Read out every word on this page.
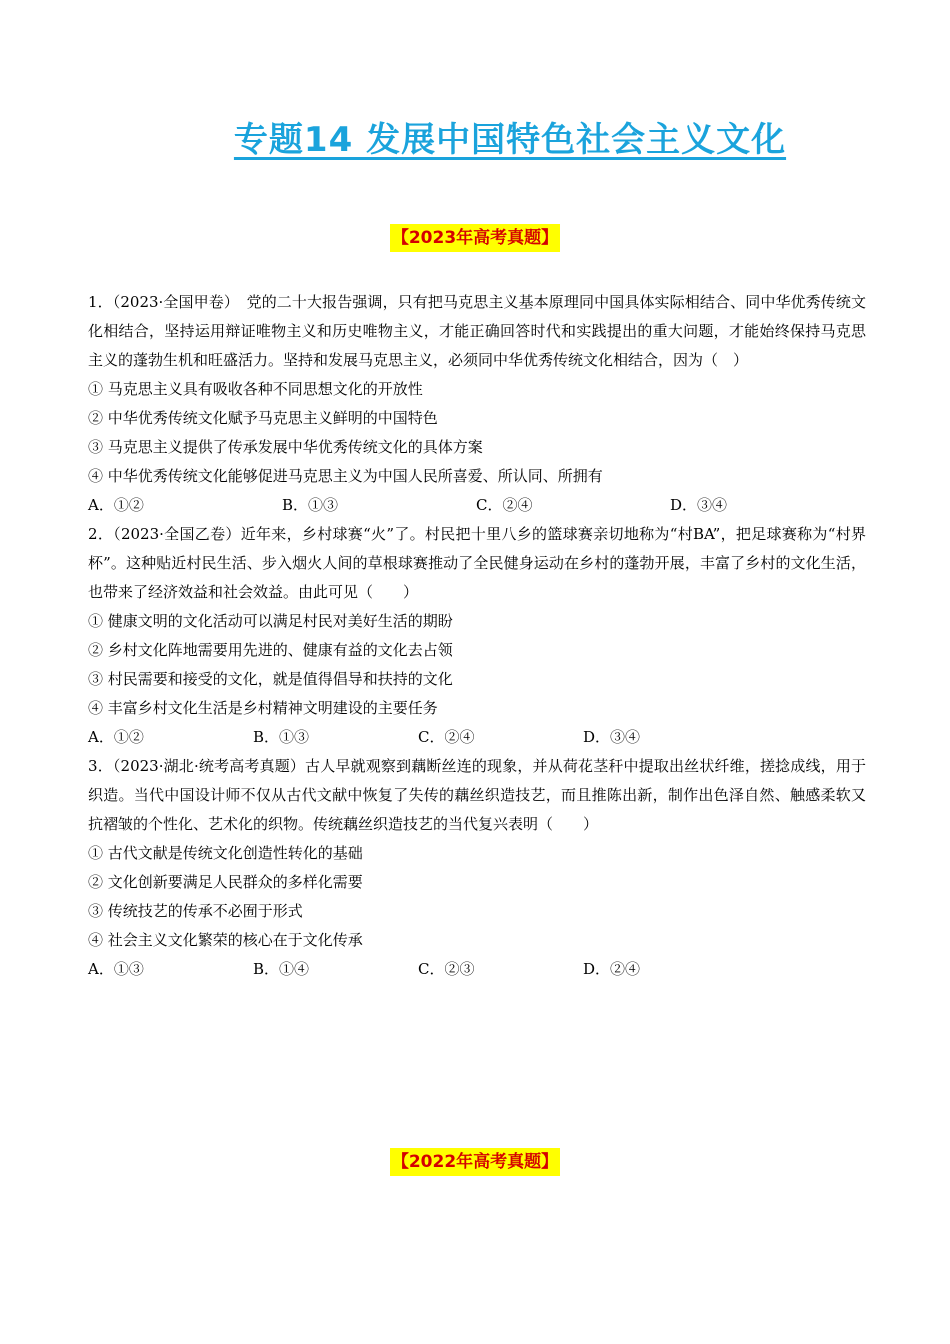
专题14 发展中国特色社会主义文化
【2023年高考真题】

1．（2023·全国甲卷）　党的二十大报告强调，只有把马克思主义基本原理同中国具体实际相结合、同中华优秀传统文化相结合，坚持运用辩证唯物主义和历史唯物主义，才能正确回答时代和实践提出的重大问题，才能始终保持马克思主义的蓬勃生机和旺盛活力。坚持和发展马克思主义，必须同中华优秀传统文化相结合，因为（　）

① 马克思主义具有吸收各种不同思想文化的开放性

② 中华优秀传统文化赋予马克思主义鲜明的中国特色

③ 马克思主义提供了传承发展中华优秀传统文化的具体方案

④ 中华优秀传统文化能够促进马克思主义为中国人民所喜爱、所认同、所拥有

A．①②	B．①③	C．②④	D．③④

2．（2023·全国乙卷）近年来，乡村球赛“火”了。村民把十里八乡的篮球赛亲切地称为“村BA”，把足球赛称为“村界杯”。这种贴近村民生活、步入烟火人间的草根球赛推动了全民健身运动在乡村的蓬勃开展，丰富了乡村的文化生活，也带来了经济效益和社会效益。由此可见（　　）

① 健康文明的文化活动可以满足村民对美好生活的期盼

② 乡村文化阵地需要用先进的、健康有益的文化去占领

③ 村民需要和接受的文化，就是值得倡导和扶持的文化

④ 丰富乡村文化生活是乡村精神文明建设的主要任务

A．①②	B．①③	C．②④	D．③④

3．（2023·湖北·统考高考真题）古人早就观察到藕断丝连的现象，并从荷花茎秆中提取出丝状纤维，搓捻成线，用于织造。当代中国设计师不仅从古代文献中恢复了失传的藕丝织造技艺，而且推陈出新，制作出色泽自然、触感柔软又抗褶皱的个性化、艺术化的织物。传统藕丝织造技艺的当代复兴表明（　　）

① 古代文献是传统文化创造性转化的基础

② 文化创新要满足人民群众的多样化需要

③ 传统技艺的传承不必囿于形式

④ 社会主义文化繁荣的核心在于文化传承

A．①③	B．①④	C．②③	D．②④
【2022年高考真题】
